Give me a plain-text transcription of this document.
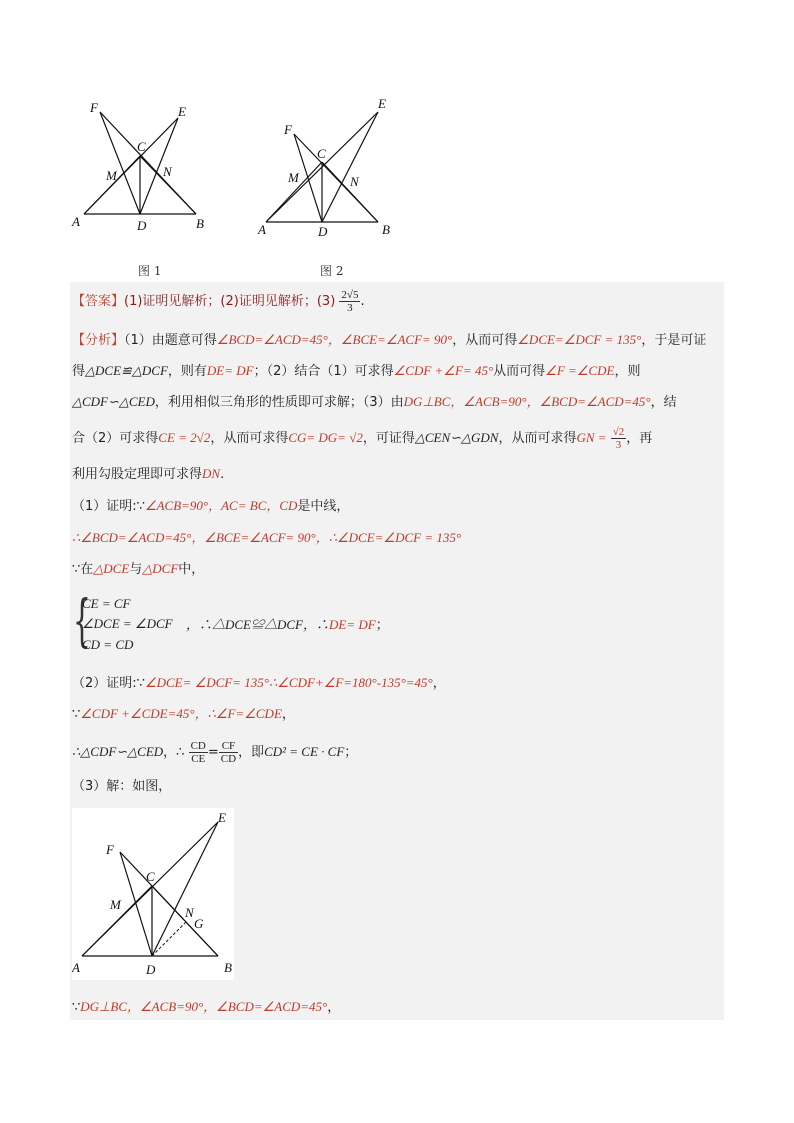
F	E
C
M	N
A	D	B
图 1
F
E
C
M	N
A	D	B
图 2
【答案】(1)证明见解析；(2)证明见解析；$(3) \frac{2√5}{3}$ .
【分析】（1）由题意可得∠BCD=∠ACD=45°，∠BCE=∠ACF= 90°，从而可得∠DCE=∠DCF = 135°，于是可证
得△DCE≌△DCF，则有DE= DF；（2）结合（1）可求得∠CDF +∠F= 45°从而可得∠F =∠CDE，则
△CDF∽△CED，利用相似三角形的性质即可求解；（3）由DG⊥BC，∠ACB=90°，∠BCD=∠ACD=45°，结
合（2）可求得CE = 2√2，从而可求得CG= DG= √2，可证得△CEN∽△GDN，从而可求得GN = $\frac{√2}{3}$ ，再
利用勾股定理即可求得DN.
（1）证明:∵∠ACB=90°，AC= BC，CD是中线，
∴∠BCD=∠ACD=45°，∠BCE=∠ACF= 90°，∴∠DCE=∠DCF = 135°
∵在△DCE与△DCF中，
{
CE = CF
∠DCE = ∠DCF
CD = CD
，∴△DCE≌△DCF，∴DE= DF；
（2）证明:∵∠DCE= ∠DCF= 135°∴∠CDF+∠F=180°-135°=45°，
∵∠CDF +∠CDE=45°，∴∠F=∠CDE，
∴△CDF∽△CED，∴ $\frac{CD}{CE} = \frac{CF}{CD}$ ，即CD² = CE · CF；
（3）解：如图，
F
E
C
M
N
G
A	D	B
∵DG⊥BC，∠ACB=90°，∠BCD=∠ACD=45°，
